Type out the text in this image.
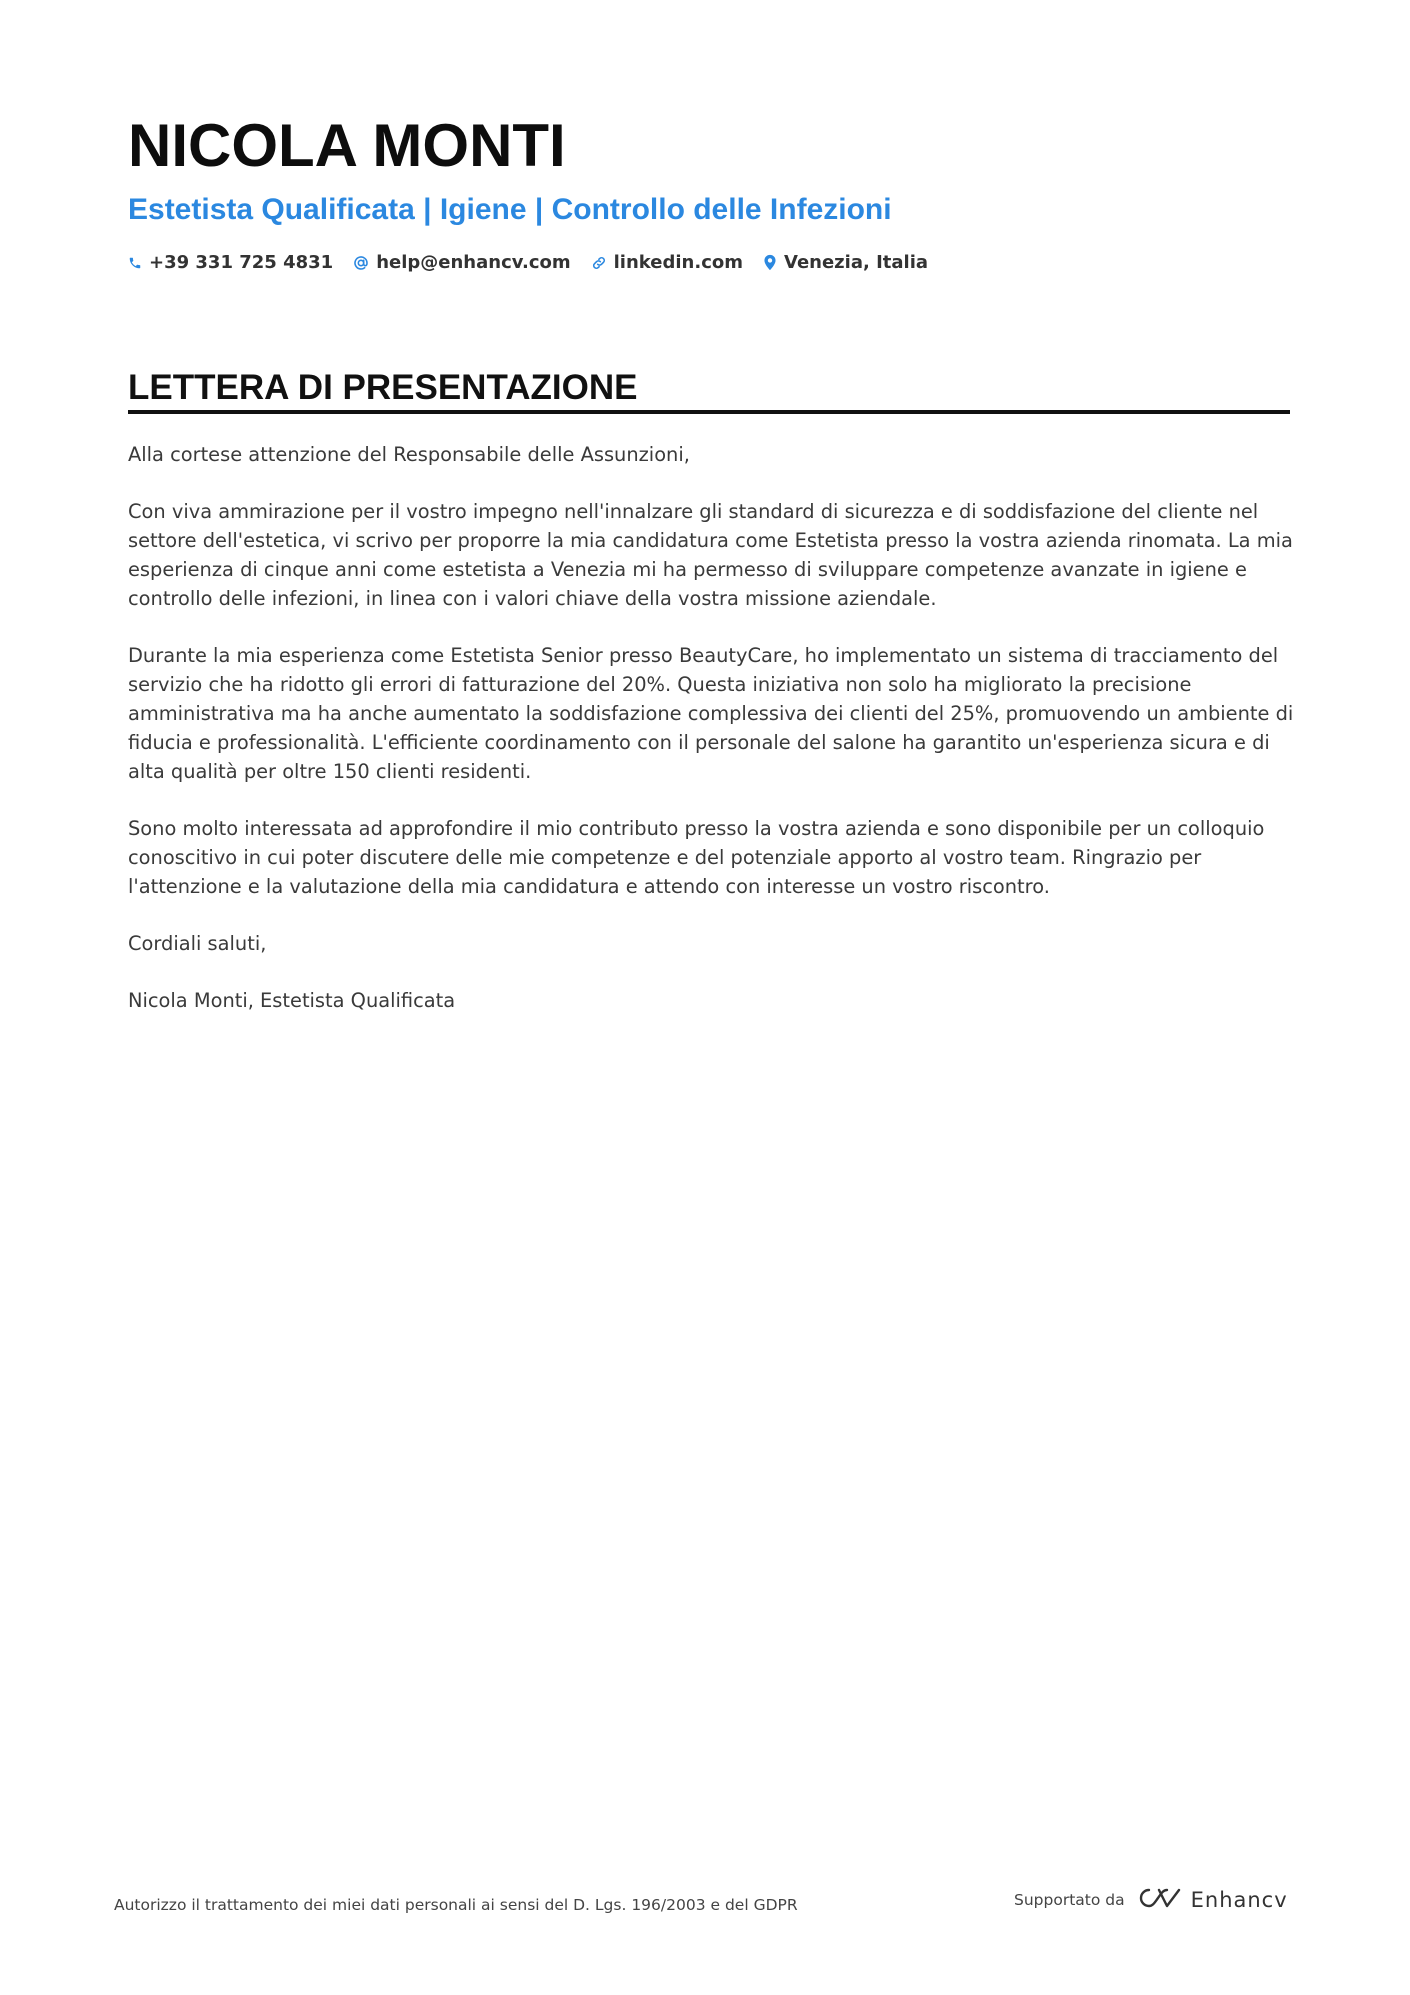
NICOLA MONTI
Estetista Qualificata | Igiene | Controllo delle Infezioni
+39 331 725 4831 help@enhancv.com linkedin.com Venezia, Italia
LETTERA DI PRESENTAZIONE

Alla cortese attenzione del Responsabile delle Assunzioni,

Con viva ammirazione per il vostro impegno nell'innalzare gli standard di sicurezza e di soddisfazione del cliente nel settore dell'estetica, vi scrivo per proporre la mia candidatura come Estetista presso la vostra azienda rinomata. La mia esperienza di cinque anni come estetista a Venezia mi ha permesso di sviluppare competenze avanzate in igiene e controllo delle infezioni, in linea con i valori chiave della vostra missione aziendale.

Durante la mia esperienza come Estetista Senior presso BeautyCare, ho implementato un sistema di tracciamento del servizio che ha ridotto gli errori di fatturazione del 20%. Questa iniziativa non solo ha migliorato la precisione amministrativa ma ha anche aumentato la soddisfazione complessiva dei clienti del 25%, promuovendo un ambiente di fiducia e professionalità. L'efficiente coordinamento con il personale del salone ha garantito un'esperienza sicura e di alta qualità per oltre 150 clienti residenti.

Sono molto interessata ad approfondire il mio contributo presso la vostra azienda e sono disponibile per un colloquio conoscitivo in cui poter discutere delle mie competenze e del potenziale apporto al vostro team. Ringrazio per l'attenzione e la valutazione della mia candidatura e attendo con interesse un vostro riscontro.

Cordiali saluti,

Nicola Monti, Estetista Qualificata

Autorizzo il trattamento dei miei dati personali ai sensi del D. Lgs. 196/2003 e del GDPR	Supportato da	Enhancv
